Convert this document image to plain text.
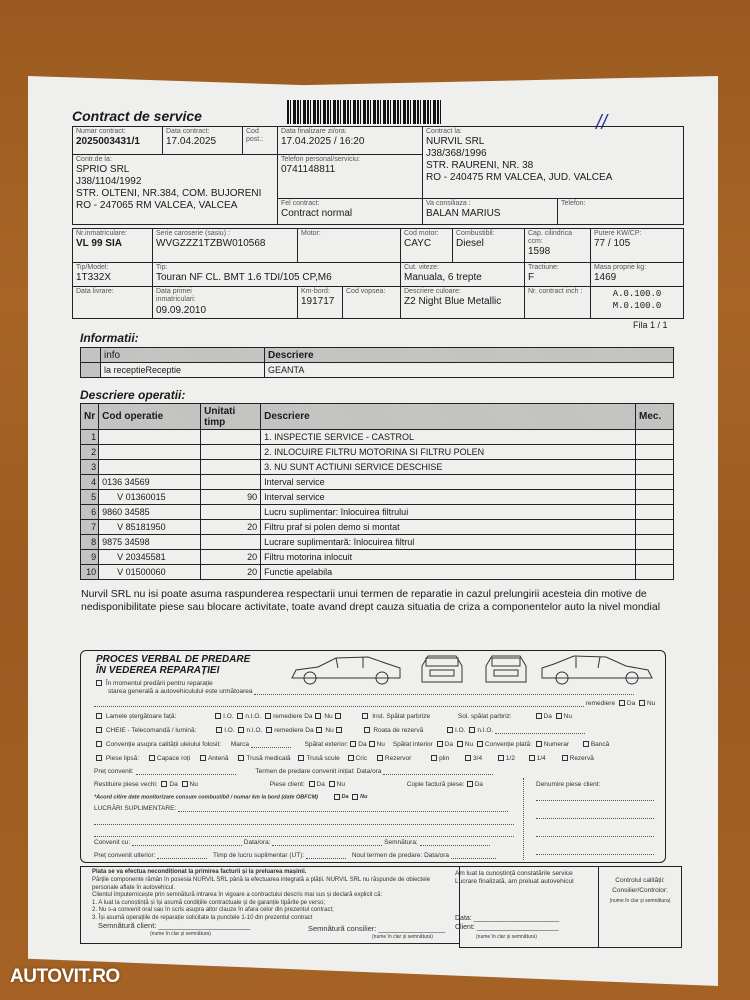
Contract de service	//
Numar contract:
2025003431/1	Data contract:
17.04.2025	Cod post.:	Data finalizare zi/ora:
17.04.2025 / 16:20	Contract la:
NURVIL SRL
J38/368/1996
STR. RAURENI, NR. 38
RO - 240475 RM VALCEA, JUD. VALCEA	

Contr.de la:
SPRIO SRL
J38/1104/1992
STR. OLTENI, NR.384, COM. BUJORENI
RO - 247065 RM VALCEA, VALCEA			Telefon personal/serviciu:
0741148811		

			Fel contract:
Contract normal	Va consiliaza :
BALAN MARIUS	Telefon:
Nr.inmatriculare:
VL 99 SIA	Serie caroserie (sasiu) :
WVGZZZ1TZBW010568	Motor:		Cod motor:
CAYC	Combustibil:
Diesel	Cap. cilindrica ccm:
1598	Putere KW/CP:
77 / 105

Tip/Model:
1T332X	Tip:
Touran NF CL. BMT 1.6 TDI/105 CP,M6			Cut. viteze:
Manuala, 6 trepte		Tractiune:
F	Masa proprie kg:
1469

Data livrare:	Data primei inmatriculari:
09.09.2010	Km-bord:
191717	Cod vopsea:	Descriere culoare:
Z2 Night Blue Metallic		Nr. contract inch :	A.0.100.0
M.0.100.0
Fila 1 / 1
Informatii:
	info	Descriere
	la receptieReceptie	GEANTA
Descriere operatii:
Nr	Cod operatie	Unitati timp	Descriere	Mec.
1			1. INSPECTIE SERVICE - CASTROL	
2			2. INLOCUIRE FILTRU MOTORINA SI FILTRU POLEN	
3			3. NU SUNT ACTIUNI SERVICE DESCHISE	
4	0136 34569		Interval service	
5	V 01360015	90	Interval service	
6	9860 34585		Lucru suplimentar: înlocuirea filtrului	
7	V 85181950	20	Filtru praf si polen demo si montat	
8	9875 34598		Lucrare suplimentară: înlocuirea filtrul	
9	V 20345581	20	Filtru motorina inlocuit	
10	V 01500060	20	Functie apelabila	
Nurvil SRL nu isi poate asuma raspunderea respectarii unui termen de reparatie in cazul prelungirii acesteia din motive de nedisponibilitate piese sau blocare activitate, toate avand drept cauza situatia de criza a componentelor auto la nivel mondial
PROCES VERBAL DE PREDARE
ÎN VEDEREA REPARAȚIEI
În momentul predării pentru reparație
starea generală a autovehiculului este următoarea
remediere Da Nu
Lamele ștergătoare față:	I.O. n.I.O. remediere Da Nu	Inst. Spălat parbrize	Sol. spălat parbriz:	Da Nu
CHEIE - Telecomandă / lumină:	I.O. n.I.O. remediere Da Nu	Roata de rezervă	I.O. n.I.O.
Convenție asupra calității uleiului folosit: Marca	Spălat exterior: Da Nu Spălat interior Da Nu Convenție plată: Numerar	Bancă
Piese lipsă:	Capace roți	Antenă	Trusă medicală Trusă scule Cric	Rezervor	plin	3/4	1/2	1/4	Rezervă
Preț convenit:	Termen de predare convenit inițial: Data/ora
Restituire piese vechi: Da Nu	Piese client: Da Nu	Copie factură piese: Da	Denumire piese client:
*Acord citire date monitorizare consum combustibil / numar km la bord (date OBFCM)	Da Nu
LUCRĂRI SUPLIMENTARE:
Convenit cu:	Data/ora:	Semnătura:
Preț convenit ulterior:	Timp de lucru suplimentar (UT):	Noul termen de predare: Data/ora
Plata se va efectua necondiționat la primirea facturii și la preluarea mașinii.
Părțile componente rămân în posesia NURVIL SRL până la efectuarea integrală a plății. NURVIL SRL nu răspunde de obiectele personale aflate în autovehicul.
Clientul împuternicește prin semnătură intrarea în vigoare a contractului descris mai sus și declară explicit că:
1. A luat la cunoștință și își asumă condițiile contractuale și de garanție tipărite pe verso;
2. Nu s-a convenit oral sau în scris asupra altor clauze în afara celor din prezentul contract;
3. Își asumă operațiile de reparație solicitate la punctele 1-10 din prezentul contract
Semnătură client: ______________________
(nume în clar și semnătura)
Semnătură consilier: ________________
(nume în clar și semnătura)
Am luat la cunoștință constatările service
Lucrare finalizată, am preluat autovehicul
Data: ______________________
Client: _____________________
(nume în clar și semnătura)
Controlul calității:
Consilier/Controlor:
(nume în clar și semnătura)
AUTOVIT.RO
